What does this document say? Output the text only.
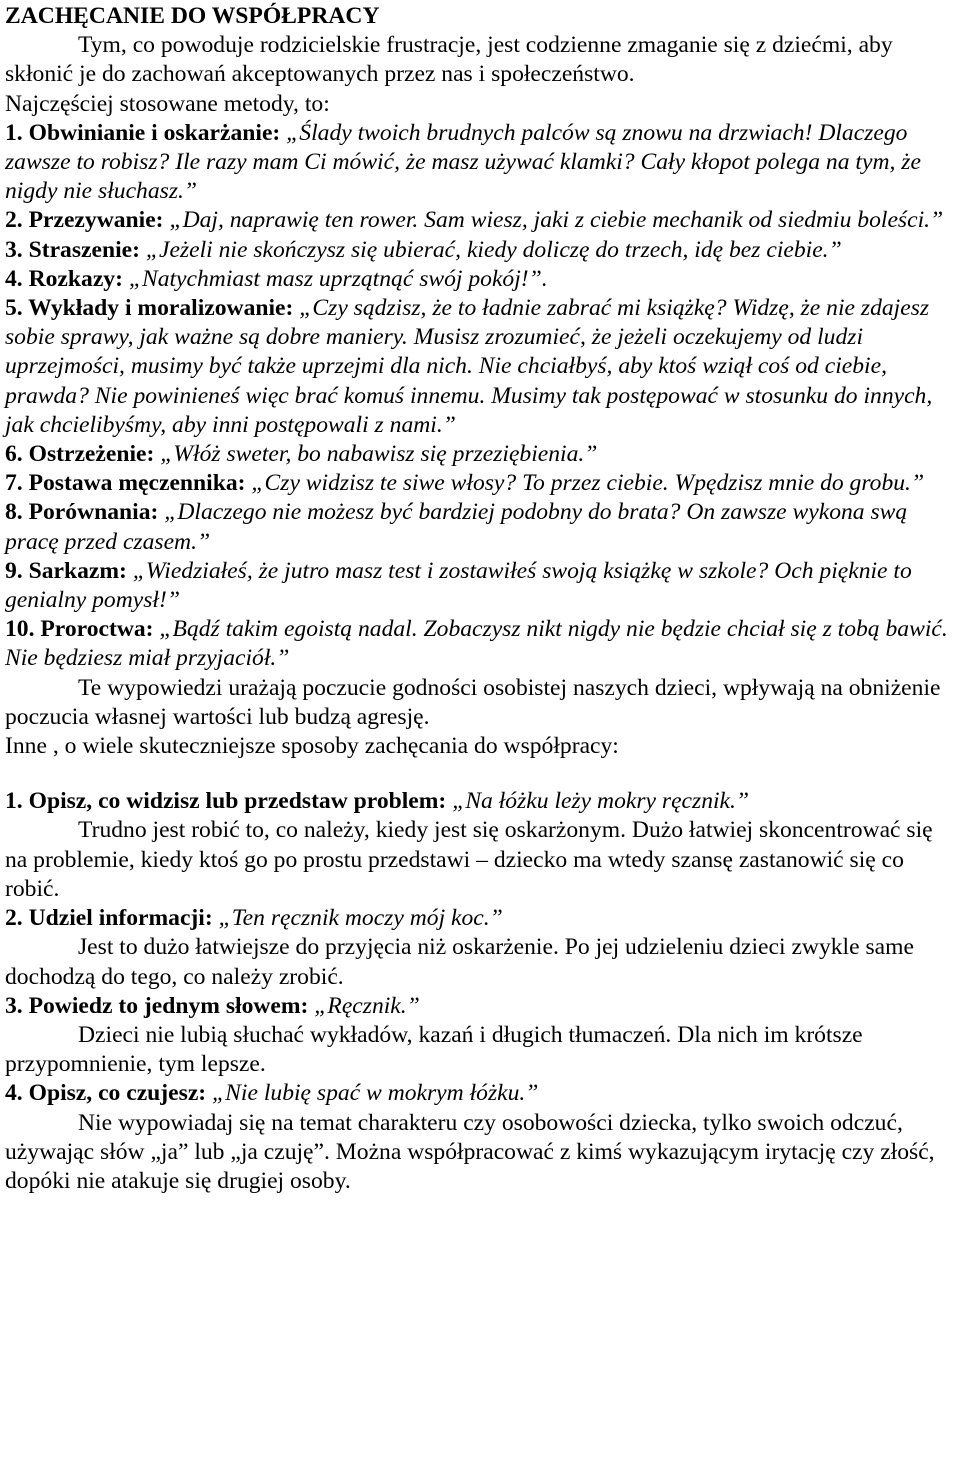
ZACHĘCANIE DO WSPÓŁPRACY

Tym, co powoduje rodzicielskie frustracje, jest codzienne zmaganie się z dziećmi, aby skłonić je do zachowań akceptowanych przez nas i społeczeństwo.

Najczęściej stosowane metody, to:

1. Obwinianie i oskarżanie: „Ślady twoich brudnych palców są znowu na drzwiach! Dlaczego zawsze to robisz? Ile razy mam Ci mówić, że masz używać klamki? Cały kłopot polega na tym, że nigdy nie słuchasz.”

2. Przezywanie: „Daj, naprawię ten rower. Sam wiesz, jaki z ciebie mechanik od siedmiu boleści.”

3. Straszenie: „Jeżeli nie skończysz się ubierać, kiedy doliczę do trzech, idę bez ciebie.”

4. Rozkazy: „Natychmiast masz uprzątnąć swój pokój!”.

5. Wykłady i moralizowanie: „Czy sądzisz, że to ładnie zabrać mi książkę? Widzę, że nie zdajesz sobie sprawy, jak ważne są dobre maniery. Musisz zrozumieć, że jeżeli oczekujemy od ludzi uprzejmości, musimy być także uprzejmi dla nich. Nie chciałbyś, aby ktoś wziął coś od ciebie, prawda? Nie powinieneś więc brać komuś innemu. Musimy tak postępować w stosunku do innych, jak chcielibyśmy, aby inni postępowali z nami.”

6. Ostrzeżenie: „Włóż sweter, bo nabawisz się przeziębienia.”

7. Postawa męczennika: „Czy widzisz te siwe włosy? To przez ciebie. Wpędzisz mnie do grobu.”

8. Porównania: „Dlaczego nie możesz być bardziej podobny do brata? On zawsze wykona swą pracę przed czasem.”

9. Sarkazm: „Wiedziałeś, że jutro masz test i zostawiłeś swoją książkę w szkole? Och pięknie to genialny pomysł!”

10. Proroctwa: „Bądź takim egoistą nadal. Zobaczysz nikt nigdy nie będzie chciał się z tobą bawić. Nie będziesz miał przyjaciół.”

Te wypowiedzi urażają poczucie godności osobistej naszych dzieci, wpływają na obniżenie poczucia własnej wartości lub budzą agresję.

Inne , o wiele skuteczniejsze sposoby zachęcania do współpracy:

1. Opisz, co widzisz lub przedstaw problem: „Na łóżku leży mokry ręcznik.”

Trudno jest robić to, co należy, kiedy jest się oskarżonym. Dużo łatwiej skoncentrować się na problemie, kiedy ktoś go po prostu przedstawi – dziecko ma wtedy szansę zastanowić się co robić.

2. Udziel informacji: „Ten ręcznik moczy mój koc.”

Jest to dużo łatwiejsze do przyjęcia niż oskarżenie. Po jej udzieleniu dzieci zwykle same dochodzą do tego, co należy zrobić.

3. Powiedz to jednym słowem: „Ręcznik.”

Dzieci nie lubią słuchać wykładów, kazań i długich tłumaczeń. Dla nich im krótsze przypomnienie, tym lepsze.

4. Opisz, co czujesz: „Nie lubię spać w mokrym łóżku.”

Nie wypowiadaj się na temat charakteru czy osobowości dziecka, tylko swoich odczuć, używając słów „ja” lub „ja czuję”. Można współpracować z kimś wykazującym irytację czy złość, dopóki nie atakuje się drugiej osoby.
